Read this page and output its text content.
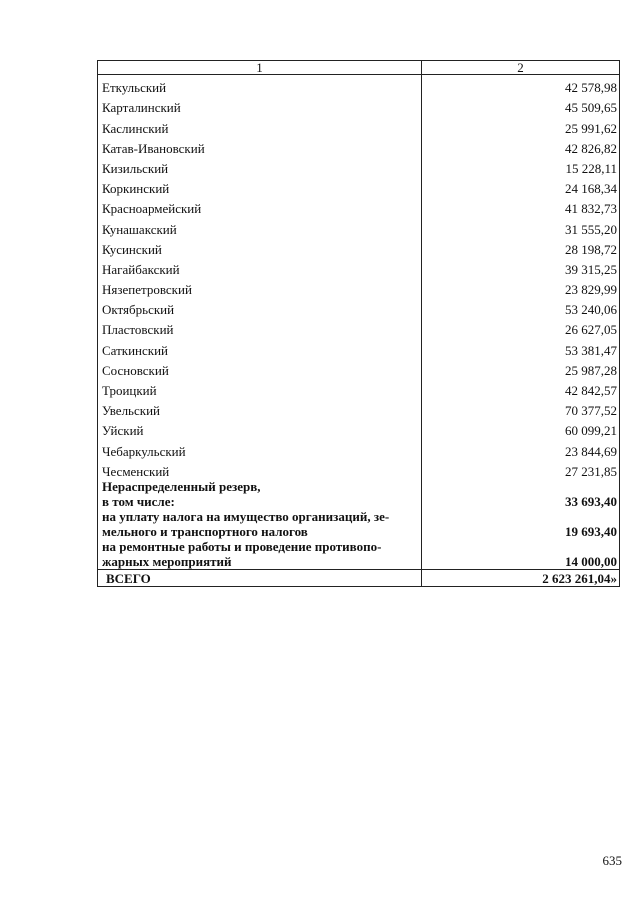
1	2
Еткульский	42 578,98
Карталинский	45 509,65
Каслинский	25 991,62
Катав-Ивановский	42 826,82
Кизильский	15 228,11
Коркинский	24 168,34
Красноармейский	41 832,73
Кунашакский	31 555,20
Кусинский	28 198,72
Нагайбакский	39 315,25
Нязепетровский	23 829,99
Октябрьский	53 240,06
Пластовский	26 627,05
Саткинский	53 381,47
Сосновский	25 987,28
Троицкий	42 842,57
Увельский	70 377,52
Уйский	60 099,21
Чебаркульский	23 844,69
Чесменский	27 231,85

Нераспределенный резерв,
в том числе:	33 693,40

на уплату налога на имущество организаций, зе-
мельного и транспортного налогов	19 693,40

на ремонтные работы и проведение противопо-
жарных мероприятий	14 000,00
ВСЕГО	2 623 261,04»
635
